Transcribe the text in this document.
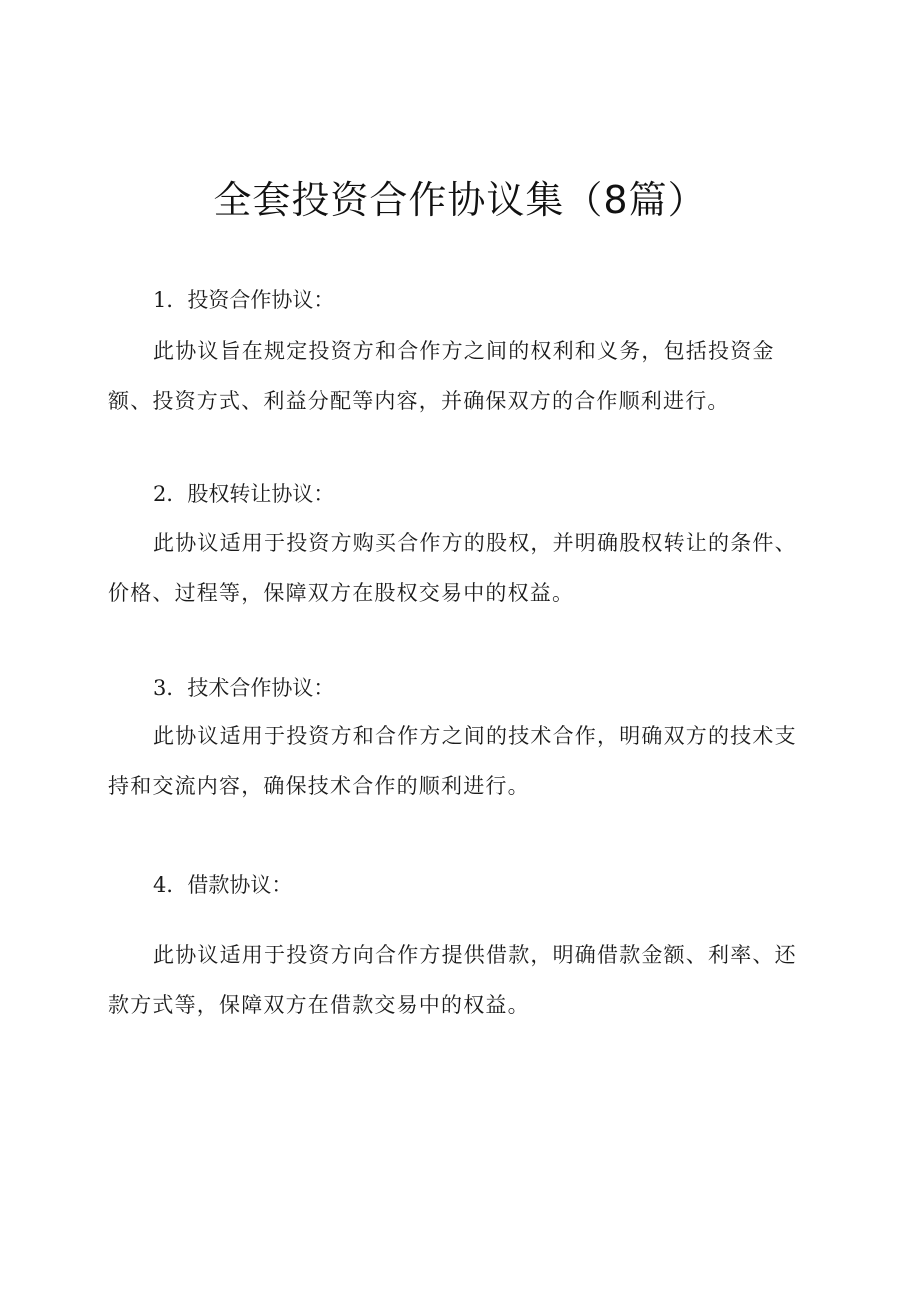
全套投资合作协议集（8篇）
1．投资合作协议：
此协议旨在规定投资方和合作方之间的权利和义务，包括投资金额、投资方式、利益分配等内容，并确保双方的合作顺利进行。
2．股权转让协议：
此协议适用于投资方购买合作方的股权，并明确股权转让的条件、价格、过程等，保障双方在股权交易中的权益。
3．技术合作协议：
此协议适用于投资方和合作方之间的技术合作，明确双方的技术支持和交流内容，确保技术合作的顺利进行。
4．借款协议：
此协议适用于投资方向合作方提供借款，明确借款金额、利率、还款方式等，保障双方在借款交易中的权益。
